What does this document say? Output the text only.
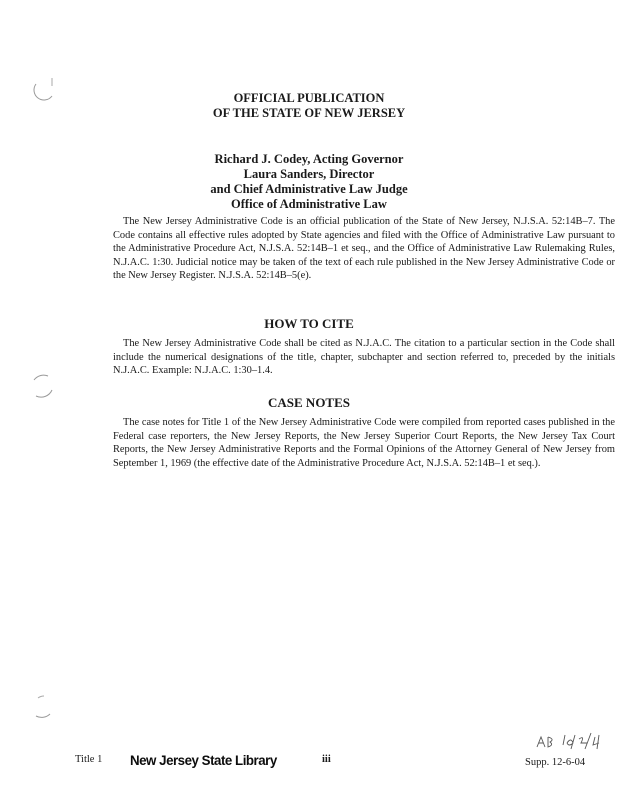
OFFICIAL PUBLICATION
OF THE STATE OF NEW JERSEY
Richard J. Codey, Acting Governor
Laura Sanders, Director
and Chief Administrative Law Judge
Office of Administrative Law

The New Jersey Administrative Code is an official publication of the State of New Jersey, N.J.S.A. 52:14B–7. The Code contains all effective rules adopted by State agencies and filed with the Office of Administrative Law pursuant to the Administrative Procedure Act, N.J.S.A. 52:14B–1 et seq., and the Office of Administrative Law Rulemaking Rules, N.J.A.C. 1:30. Judicial notice may be taken of the text of each rule published in the New Jersey Administrative Code or the New Jersey Register. N.J.S.A. 52:14B–5(e).

HOW TO CITE

The New Jersey Administrative Code shall be cited as N.J.A.C. The citation to a particular section in the Code shall include the numerical designations of the title, chapter, subchapter and section referred to, preceded by the initials N.J.A.C. Example: N.J.A.C. 1:30–1.4.

CASE NOTES

The case notes for Title 1 of the New Jersey Administrative Code were compiled from reported cases published in the Federal case reporters, the New Jersey Reports, the New Jersey Superior Court Reports, the New Jersey Tax Court Reports, the New Jersey Administrative Reports and the Formal Opinions of the Attorney General of New Jersey from September 1, 1969 (the effective date of the Administrative Procedure Act, N.J.S.A. 52:14B–1 et seq.).

Title 1 New Jersey State Library	iii	Supp. 12-6-04
